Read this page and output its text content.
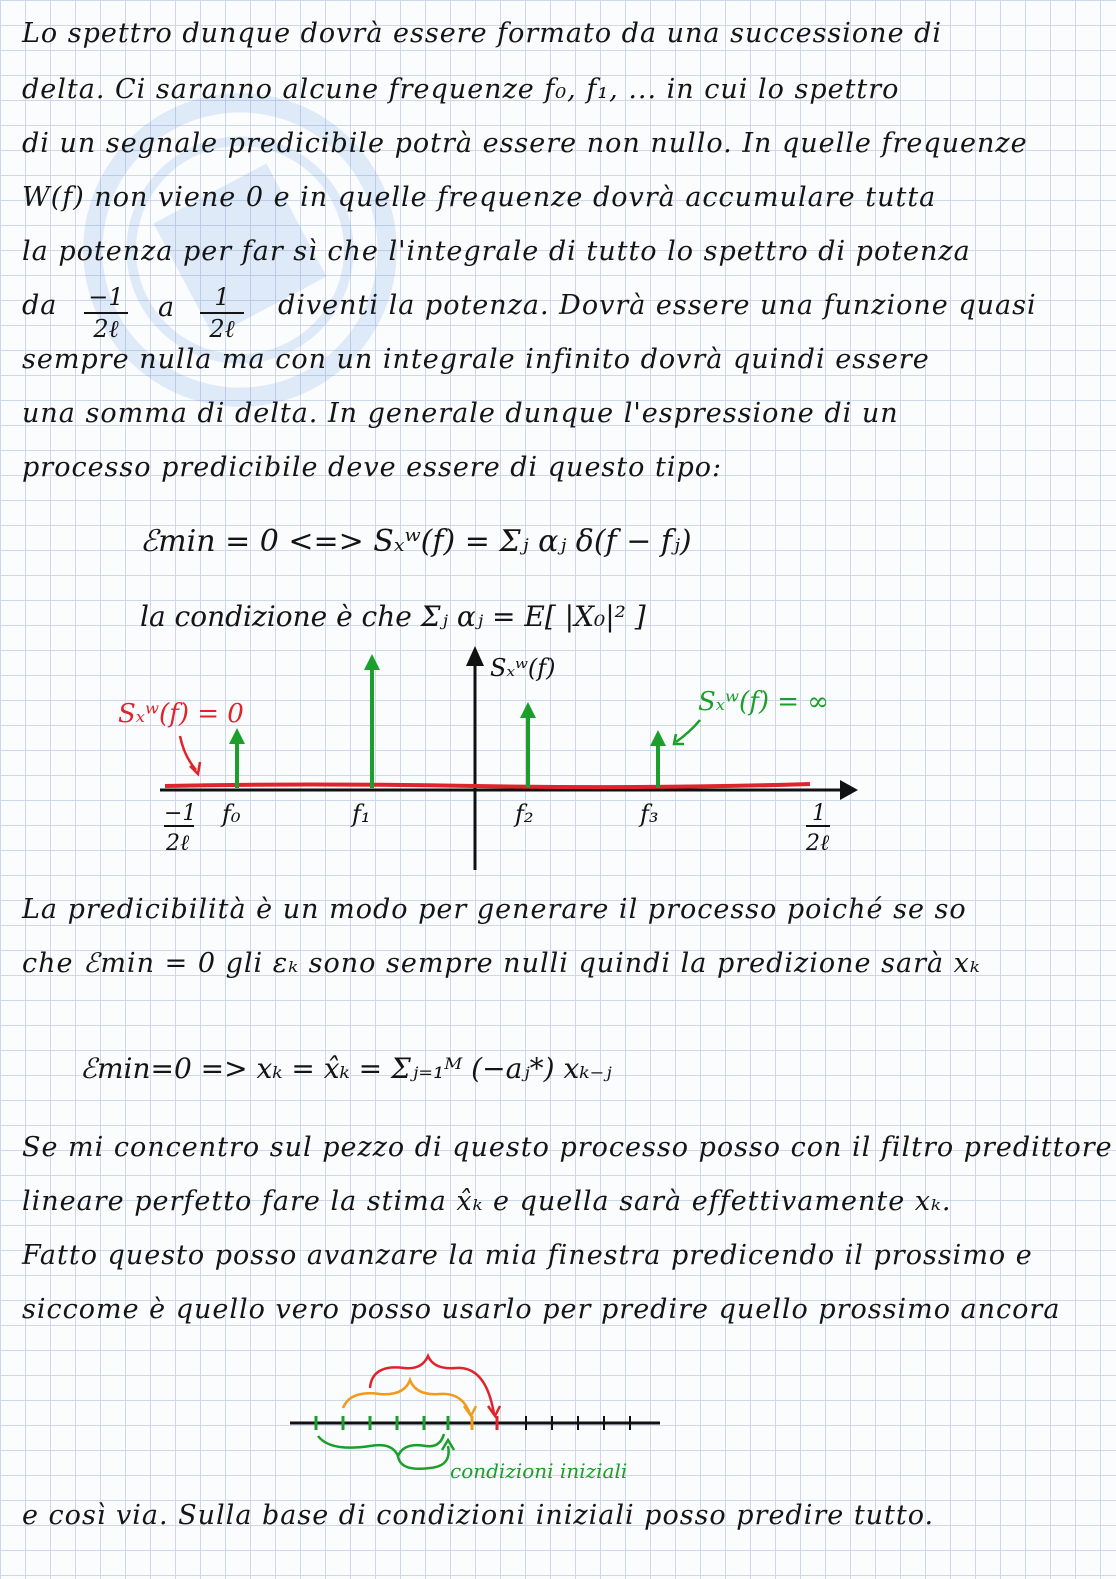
Lo spettro dunque dovrà essere formato da una successione di

delta. Ci saranno alcune frequenze f₀, f₁, ... in cui lo spettro

di un segnale predicibile potrà essere non nullo. In quelle frequenze

W(f) non viene 0 e in quelle frequenze dovrà accumulare tutta

la potenza per far sì che l'integrale di tutto lo spettro di potenza

da −1
2ℓ
a	1
2ℓ

diventi la potenza. Dovrà essere una funzione quasi

sempre nulla ma con un integrale infinito dovrà quindi essere

una somma di delta. In generale dunque l'espressione di un

processo predicibile deve essere di questo tipo:

ℰmin = 0 <=> Sₓʷ(f) = Σⱼ αⱼ δ(f − fⱼ)

la condizione è che Σⱼ αⱼ = E[ |X₀|² ]

Sₓʷ(f)
Sₓʷ(f) = 0	Sₓʷ(f) = ∞
−1
2ℓ
f₀	f₁	f₂	f₃	1
2ℓ

La predicibilità è un modo per generare il processo poiché se so

che ℰmin = 0 gli εₖ sono sempre nulli quindi la predizione sarà xₖ

ℰmin=0 => xₖ = x̂ₖ = Σⱼ₌₁ᴹ (−aⱼ*) xₖ₋ⱼ

Se mi concentro sul pezzo di questo processo posso con il filtro predittore

lineare perfetto fare la stima x̂ₖ e quella sarà effettivamente xₖ.

Fatto questo posso avanzare la mia finestra predicendo il prossimo e

siccome è quello vero posso usarlo per predire quello prossimo ancora

condizioni iniziali

e così via. Sulla base di condizioni iniziali posso predire tutto.
